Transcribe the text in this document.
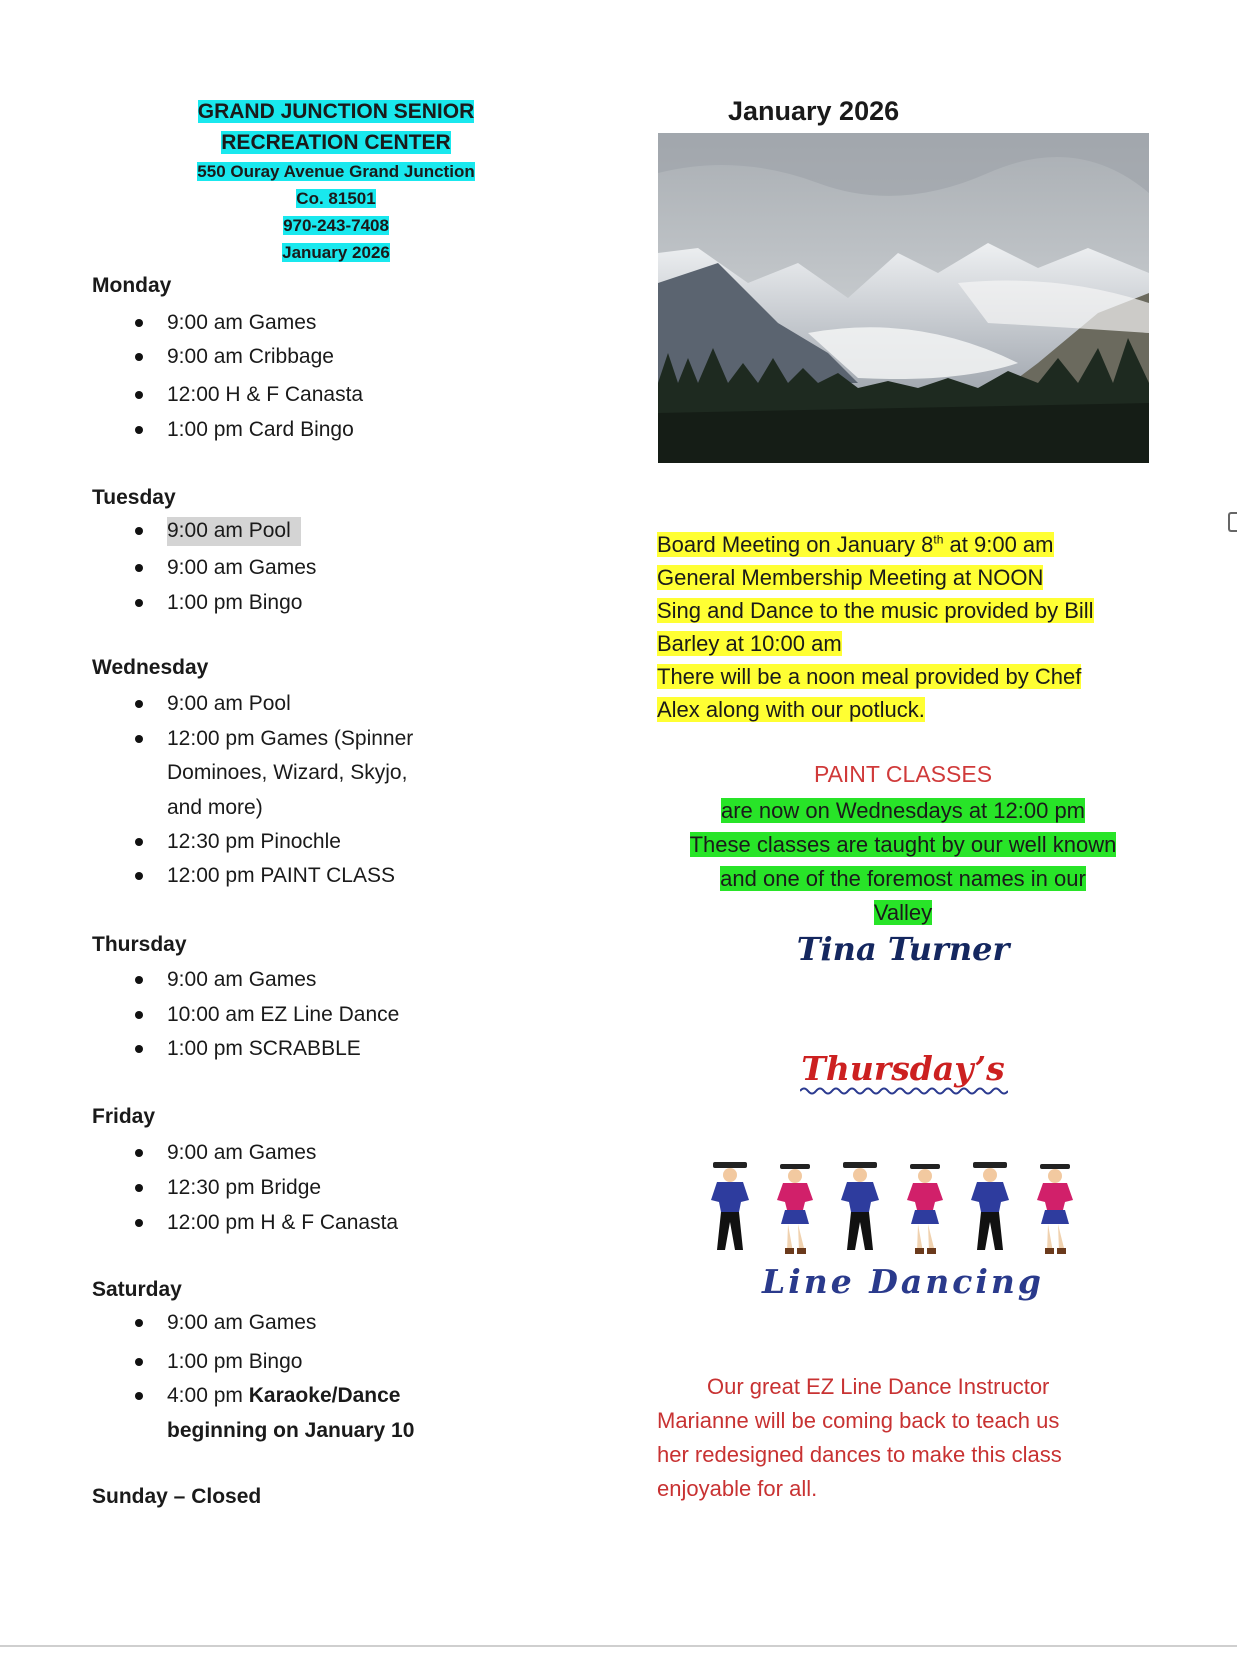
GRAND JUNCTION SENIOR
RECREATION CENTER
550 Ouray Avenue Grand Junction
Co. 81501
970-243-7408
January 2026
Monday
9:00 am Games
9:00 am Cribbage
12:00 H & F Canasta
1:00 pm Card Bingo
Tuesday
9:00 am Pool
9:00 am Games
1:00 pm Bingo
Wednesday
9:00 am Pool
12:00 pm Games (Spinner
Dominoes, Wizard, Skyjo,
and more)
12:30 pm Pinochle
12:00 pm PAINT CLASS
Thursday
9:00 am Games
10:00 am EZ Line Dance
1:00 pm SCRABBLE
Friday
9:00 am Games
12:30 pm Bridge
12:00 pm H & F Canasta
Saturday
9:00 am Games
1:00 pm Bingo
4:00 pm Karaoke/Dance
beginning on January 10
Sunday – Closed
January 2026
Board Meeting on January 8th at 9:00 am
General Membership Meeting at NOON
Sing and Dance to the music provided by Bill
Barley at 10:00 am
There will be a noon meal provided by Chef
Alex along with our potluck.
PAINT CLASSES
are now on Wednesdays at 12:00 pm
These classes are taught by our well known
and one of the foremost names in our
Valley
Tina Turner
Thursday’s
Line Dancing
Our great EZ Line Dance Instructor
Marianne will be coming back to teach us
her redesigned dances to make this class
enjoyable for all.
